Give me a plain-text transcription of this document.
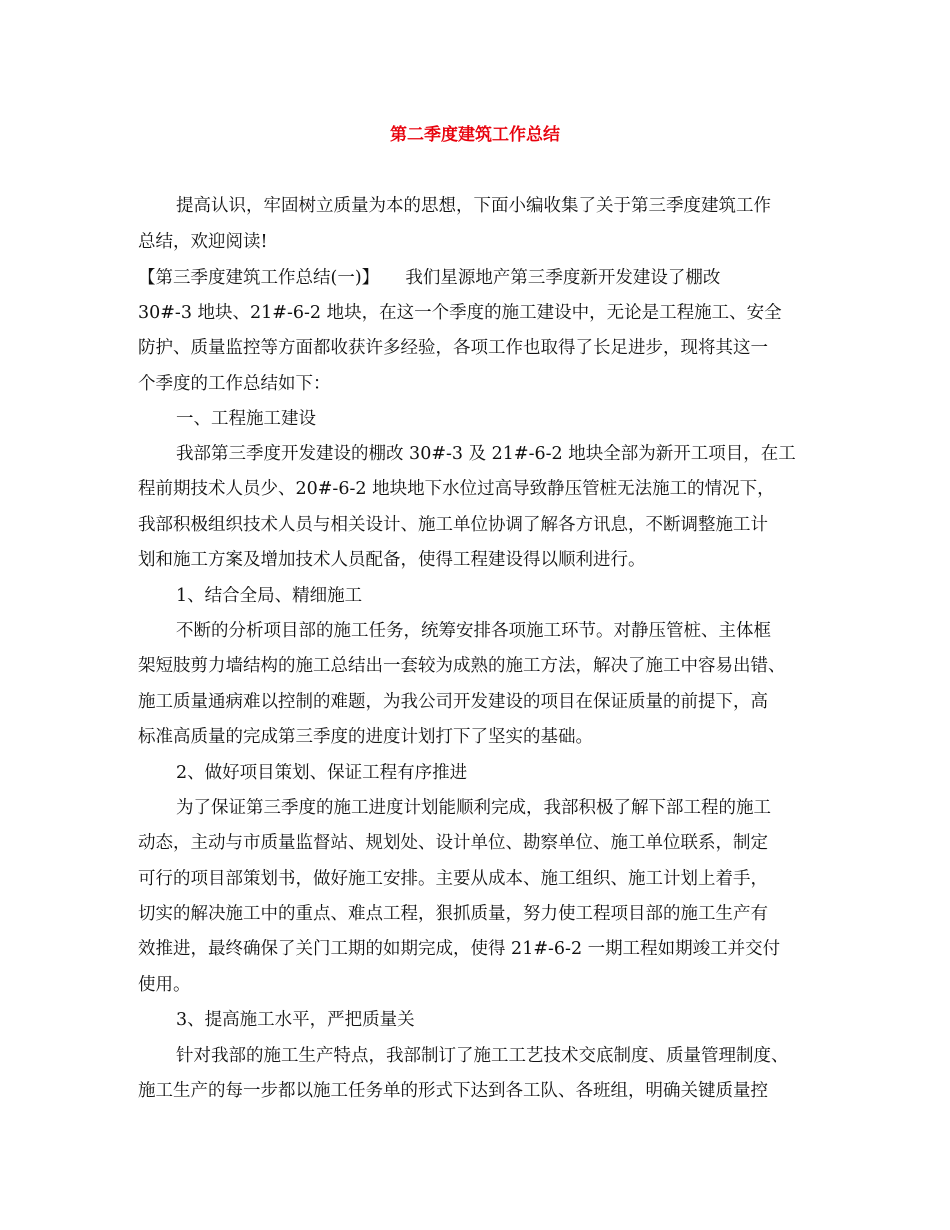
第二季度建筑工作总结

提高认识，牢固树立质量为本的思想，下面小编收集了关于第三季度建筑工作

总结，欢迎阅读!

【第三季度建筑工作总结(一)】　　我们星源地产第三季度新开发建设了棚改

30#-3 地块、21#-6-2 地块，在这一个季度的施工建设中，无论是工程施工、安全

防护、质量监控等方面都收获许多经验，各项工作也取得了长足进步，现将其这一

个季度的工作总结如下：

一、工程施工建设

我部第三季度开发建设的棚改 30#-3 及 21#-6-2 地块全部为新开工项目，在工

程前期技术人员少、20#-6-2 地块地下水位过高导致静压管桩无法施工的情况下，

我部积极组织技术人员与相关设计、施工单位协调了解各方讯息，不断调整施工计

划和施工方案及增加技术人员配备，使得工程建设得以顺利进行。

1、结合全局、精细施工

不断的分析项目部的施工任务，统筹安排各项施工环节。对静压管桩、主体框

架短肢剪力墙结构的施工总结出一套较为成熟的施工方法，解决了施工中容易出错、

施工质量通病难以控制的难题，为我公司开发建设的项目在保证质量的前提下，高

标准高质量的完成第三季度的进度计划打下了坚实的基础。

2、做好项目策划、保证工程有序推进

为了保证第三季度的施工进度计划能顺利完成，我部积极了解下部工程的施工

动态，主动与市质量监督站、规划处、设计单位、勘察单位、施工单位联系，制定

可行的项目部策划书，做好施工安排。主要从成本、施工组织、施工计划上着手，

切实的解决施工中的重点、难点工程，狠抓质量，努力使工程项目部的施工生产有

效推进，最终确保了关门工期的如期完成，使得 21#-6-2 一期工程如期竣工并交付

使用。

3、提高施工水平，严把质量关

针对我部的施工生产特点，我部制订了施工工艺技术交底制度、质量管理制度、

施工生产的每一步都以施工任务单的形式下达到各工队、各班组，明确关键质量控
